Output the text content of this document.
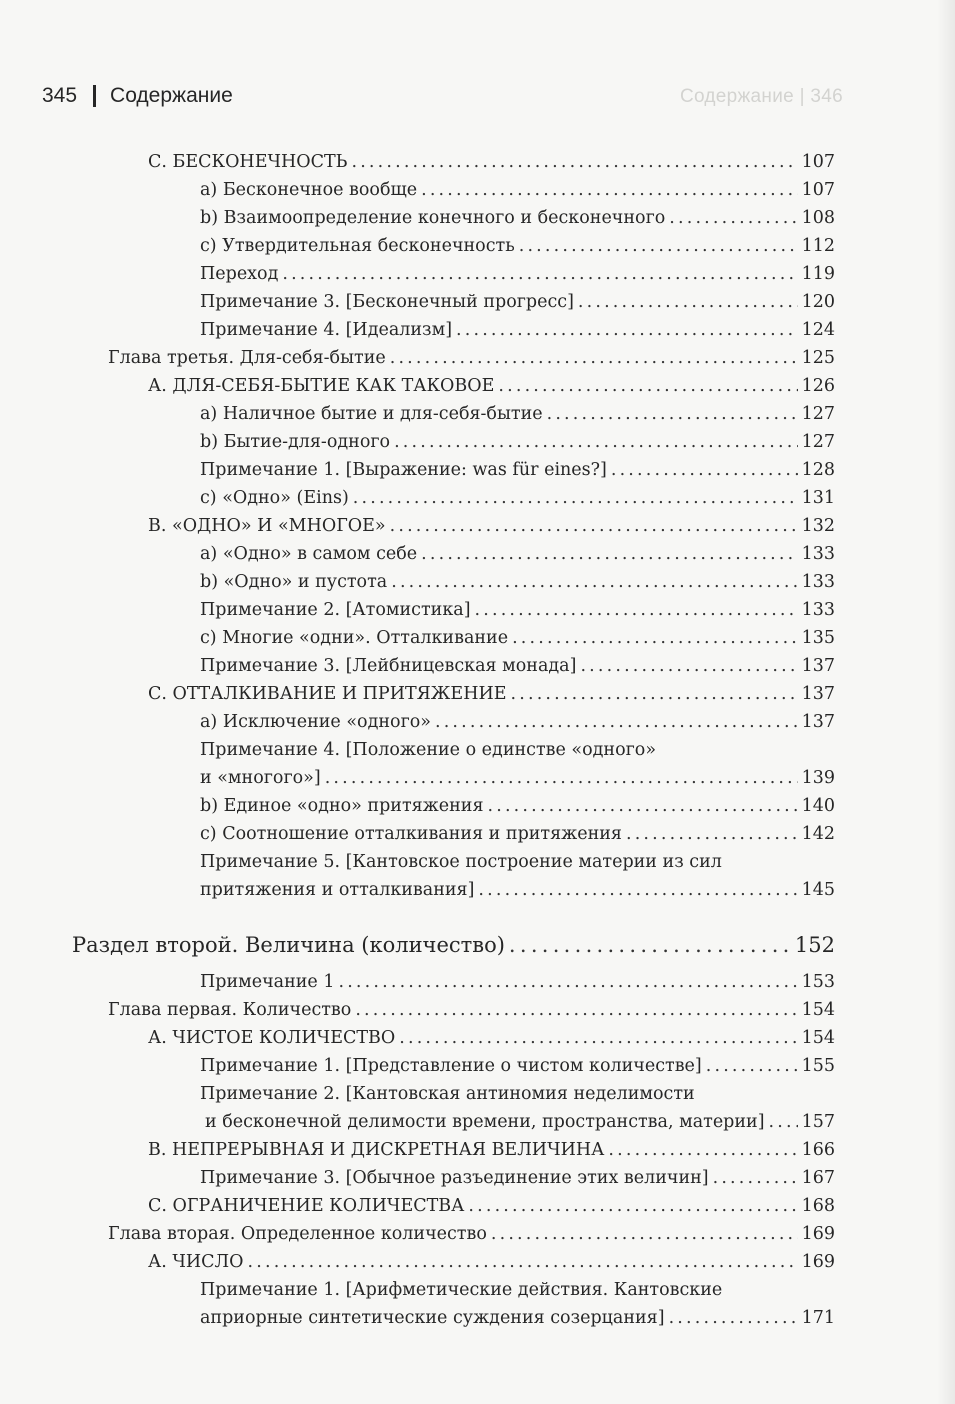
Содержание | 346
345 Содержание
С. БЕСКОНЕЧНОСТЬ . . .	107
a) Бесконечное вообще . . .	107
b) Взаимоопределение конечного и бесконечного . . .	108
с) Утвердительная бесконечность . . .	112
Переход . . .	119
Примечание 3. [Бесконечный прогресс] . . .	120
Примечание 4. [Идеализм] . . .	124
Глава третья. Для-себя-бытие . . .	125
А. ДЛЯ-СЕБЯ-БЫТИЕ КАК ТАКОВОЕ . . .	126
a) Наличное бытие и для-себя-бытие . . .	127
b) Бытие-для-одного . . .	127
Примечание 1. [Выражение: was für eines?] . . .	128
c) «Одно» (Eins) . . .	131
В. «ОДНО» И «МНОГОЕ» . . .	132
а) «Одно» в самом себе . . .	133
b) «Одно» и пустота . . .	133
Примечание 2. [Атомистика] . . .	133
с) Многие «одни». Отталкивание . . .	135
Примечание 3. [Лейбницевская монада] . . .	137
С. ОТТАЛКИВАНИЕ И ПРИТЯЖЕНИЕ . . .	137
а) Исключение «одного» . . .	137
Примечание 4. [Положение о единстве «одного»
и «многого»] . . .	139
b) Единое «одно» притяжения . . .	140
с) Соотношение отталкивания и притяжения . . .	142
Примечание 5. [Кантовское построение материи из сил
притяжения и отталкивания] . . .	145
Раздел второй. Величина (количество) . . .	152
Примечание 1 . . .	153
Глава первая. Количество . . .	154
А. ЧИСТОЕ КОЛИЧЕСТВО . . .	154
Примечание 1. [Представление о чистом количестве] . . .	155
Примечание 2. [Кантовская антиномия неделимости
и бесконечной делимости времени, пространства, материи] . . . 157
В. НЕПРЕРЫВНАЯ И ДИСКРЕТНАЯ ВЕЛИЧИНА . . .	166
Примечание 3. [Обычное разъединение этих величин] . . .	167
С. ОГРАНИЧЕНИЕ КОЛИЧЕСТВА . . .	168
Глава вторая. Определенное количество . . .	169
А. ЧИСЛО . . .	169
Примечание 1. [Арифметические действия. Кантовские
априорные синтетические суждения созерцания] . . .	171
